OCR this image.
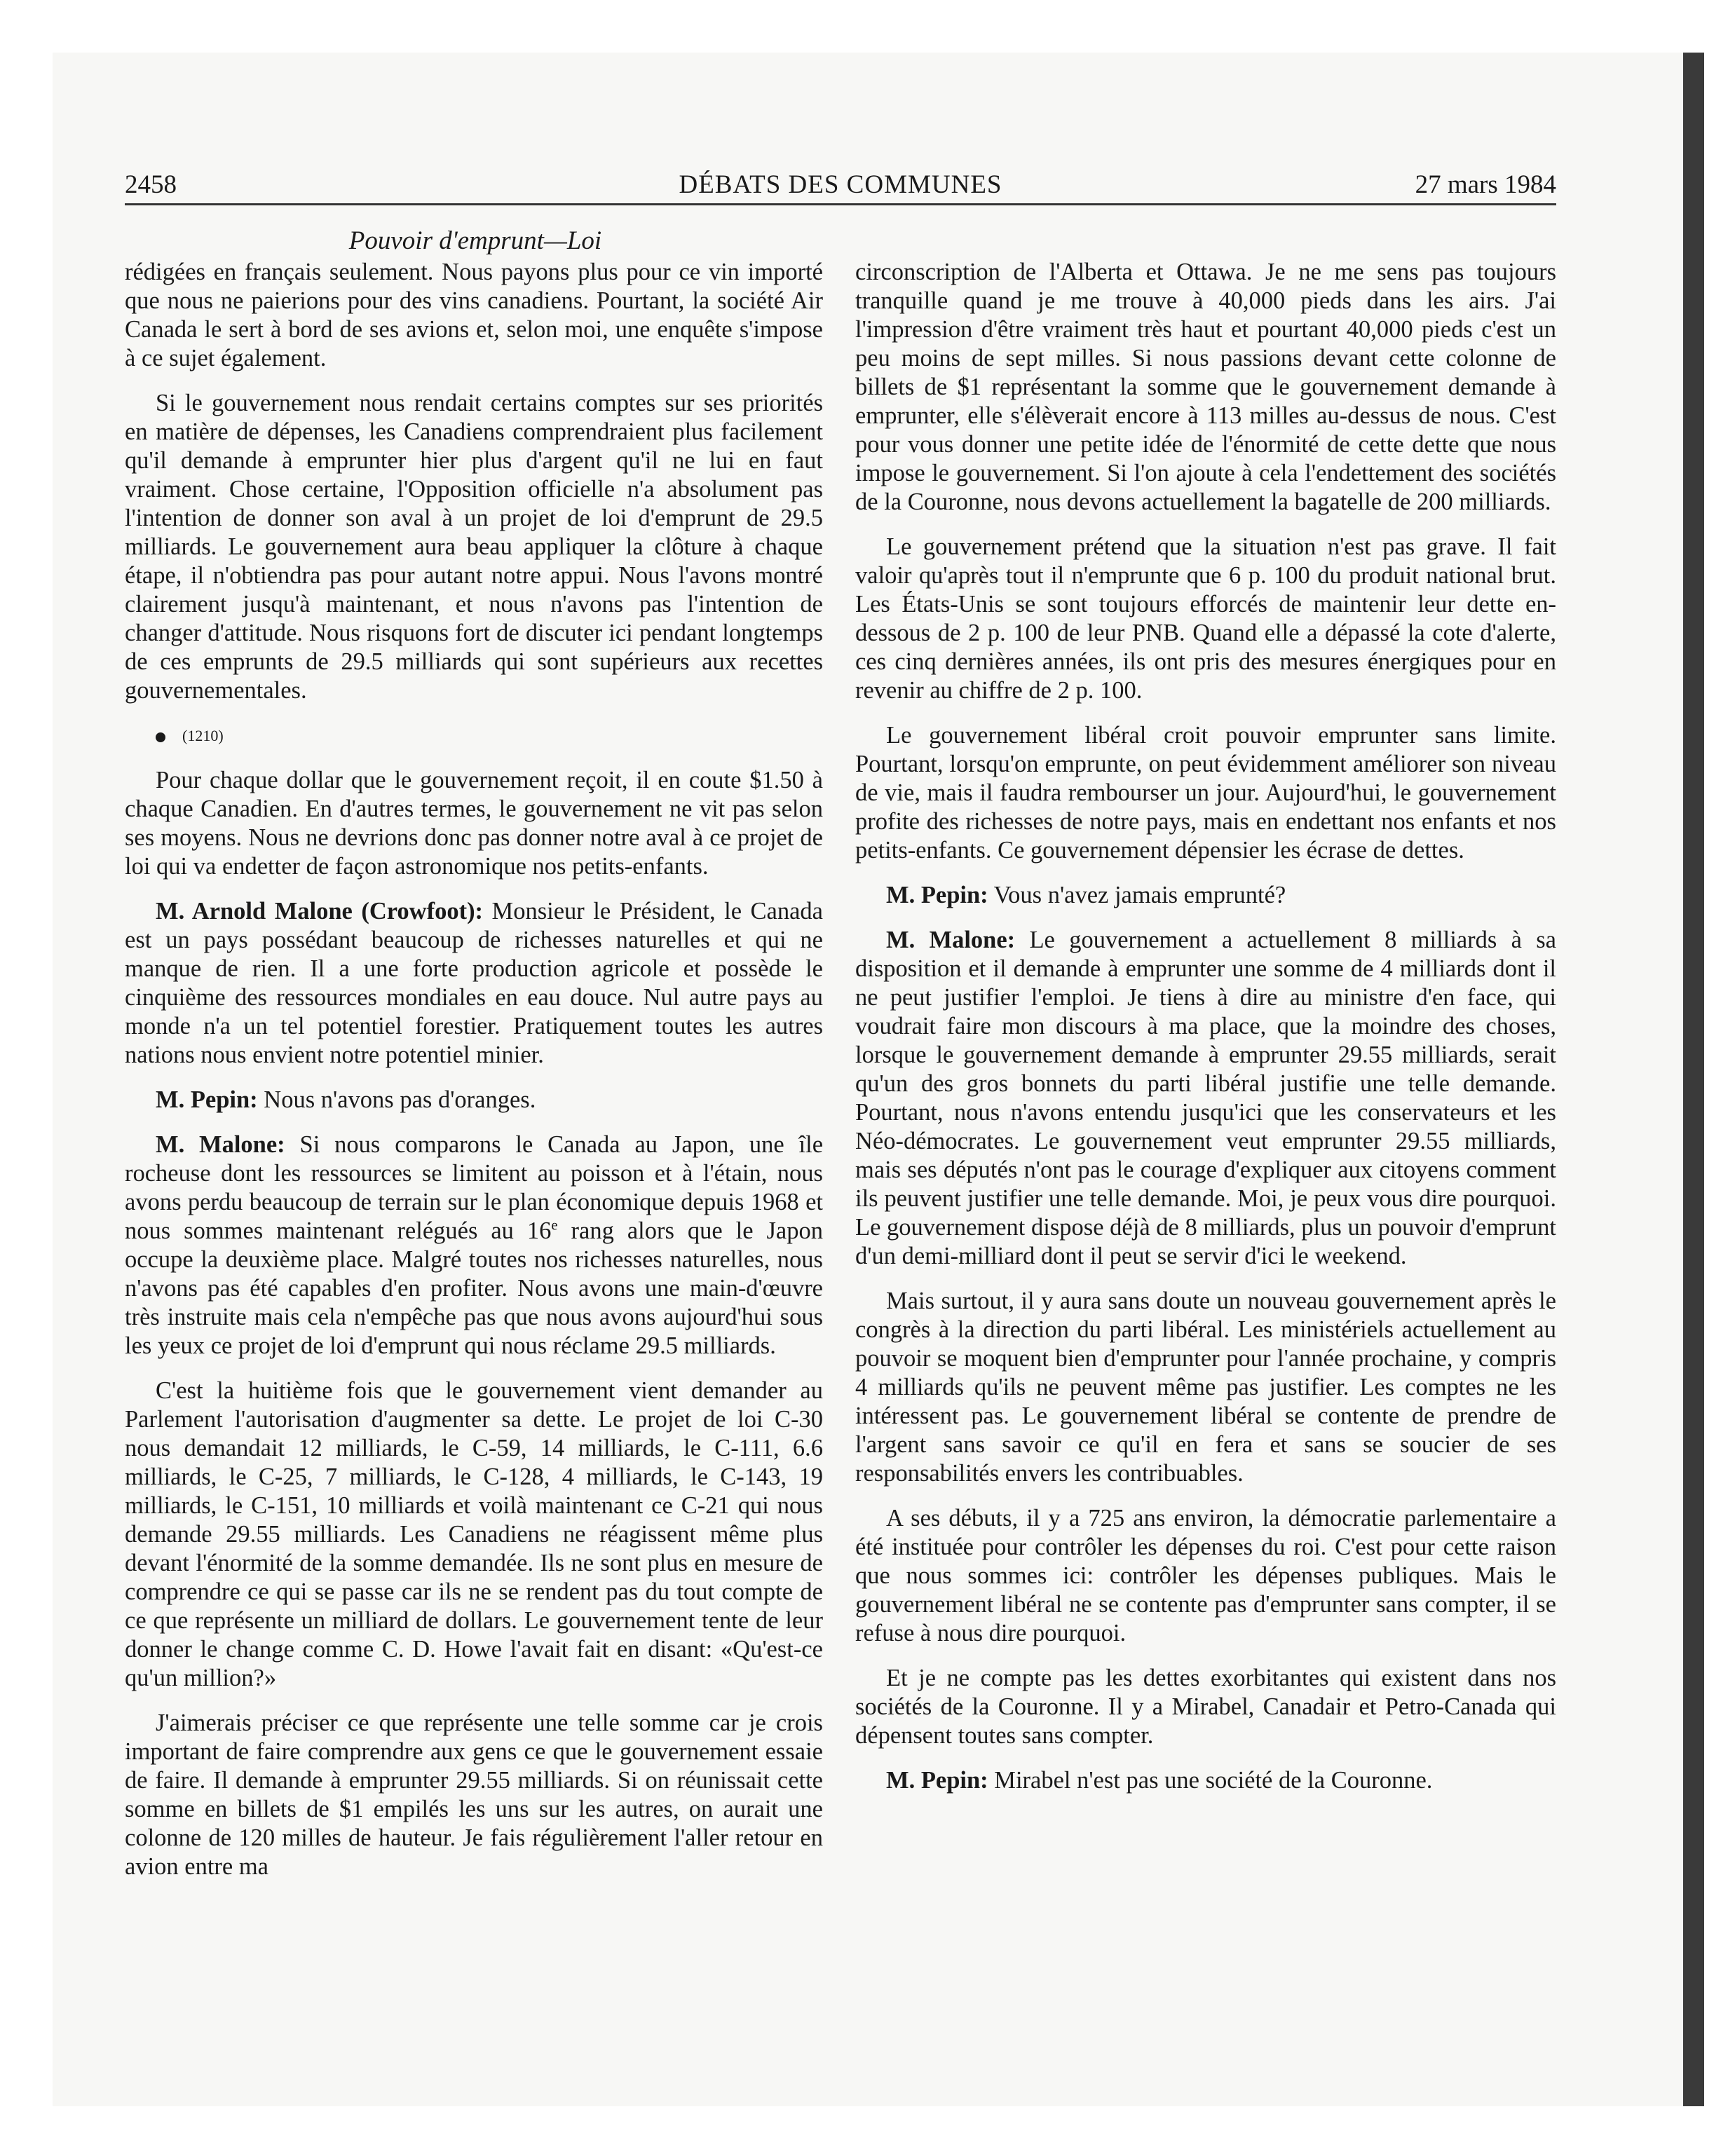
2458	DÉBATS DES COMMUNES	27 mars 1984
Pouvoir d'emprunt—Loi

rédigées en français seulement. Nous payons plus pour ce vin importé que nous ne paierions pour des vins canadiens. Pourtant, la société Air Canada le sert à bord de ses avions et, selon moi, une enquête s'impose à ce sujet également.

Si le gouvernement nous rendait certains comptes sur ses priorités en matière de dépenses, les Canadiens comprendraient plus facilement qu'il demande à emprunter hier plus d'argent qu'il ne lui en faut vraiment. Chose certaine, l'Opposition officielle n'a absolument pas l'intention de donner son aval à un projet de loi d'emprunt de 29.5 milliards. Le gouvernement aura beau appliquer la clôture à chaque étape, il n'obtiendra pas pour autant notre appui. Nous l'avons montré clairement jusqu'à maintenant, et nous n'avons pas l'intention de changer d'attitude. Nous risquons fort de discuter ici pendant longtemps de ces emprunts de 29.5 milliards qui sont supérieurs aux recettes gouvernementales.

(1210)

Pour chaque dollar que le gouvernement reçoit, il en coute $1.50 à chaque Canadien. En d'autres termes, le gouvernement ne vit pas selon ses moyens. Nous ne devrions donc pas donner notre aval à ce projet de loi qui va endetter de façon astronomique nos petits-enfants.

M. Arnold Malone (Crowfoot): Monsieur le Président, le Canada est un pays possédant beaucoup de richesses naturelles et qui ne manque de rien. Il a une forte production agricole et possède le cinquième des ressources mondiales en eau douce. Nul autre pays au monde n'a un tel potentiel forestier. Pratiquement toutes les autres nations nous envient notre potentiel minier.

M. Pepin: Nous n'avons pas d'oranges.

M. Malone: Si nous comparons le Canada au Japon, une île rocheuse dont les ressources se limitent au poisson et à l'étain, nous avons perdu beaucoup de terrain sur le plan économique depuis 1968 et nous sommes maintenant relégués au 16e rang alors que le Japon occupe la deuxième place. Malgré toutes nos richesses naturelles, nous n'avons pas été capables d'en profiter. Nous avons une main-d'œuvre très instruite mais cela n'empêche pas que nous avons aujourd'hui sous les yeux ce projet de loi d'emprunt qui nous réclame 29.5 milliards.

C'est la huitième fois que le gouvernement vient demander au Parlement l'autorisation d'augmenter sa dette. Le projet de loi C-30 nous demandait 12 milliards, le C-59, 14 milliards, le C-111, 6.6 milliards, le C-25, 7 milliards, le C-128, 4 milliards, le C-143, 19 milliards, le C-151, 10 milliards et voilà maintenant ce C-21 qui nous demande 29.55 milliards. Les Canadiens ne réagissent même plus devant l'énormité de la somme demandée. Ils ne sont plus en mesure de comprendre ce qui se passe car ils ne se rendent pas du tout compte de ce que représente un milliard de dollars. Le gouvernement tente de leur donner le change comme C. D. Howe l'avait fait en disant: «Qu'est-ce qu'un million?»

J'aimerais préciser ce que représente une telle somme car je crois important de faire comprendre aux gens ce que le gouvernement essaie de faire. Il demande à emprunter 29.55 milliards. Si on réunissait cette somme en billets de $1 empilés les uns sur les autres, on aurait une colonne de 120 milles de hauteur. Je fais régulièrement l'aller retour en avion entre ma

circonscription de l'Alberta et Ottawa. Je ne me sens pas toujours tranquille quand je me trouve à 40,000 pieds dans les airs. J'ai l'impression d'être vraiment très haut et pourtant 40,000 pieds c'est un peu moins de sept milles. Si nous passions devant cette colonne de billets de $1 représentant la somme que le gouvernement demande à emprunter, elle s'élèverait encore à 113 milles au-dessus de nous. C'est pour vous donner une petite idée de l'énormité de cette dette que nous impose le gouvernement. Si l'on ajoute à cela l'endettement des sociétés de la Couronne, nous devons actuellement la bagatelle de 200 milliards.

Le gouvernement prétend que la situation n'est pas grave. Il fait valoir qu'après tout il n'emprunte que 6 p. 100 du produit national brut. Les États-Unis se sont toujours efforcés de maintenir leur dette en-dessous de 2 p. 100 de leur PNB. Quand elle a dépassé la cote d'alerte, ces cinq dernières années, ils ont pris des mesures énergiques pour en revenir au chiffre de 2 p. 100.

Le gouvernement libéral croit pouvoir emprunter sans limite. Pourtant, lorsqu'on emprunte, on peut évidemment améliorer son niveau de vie, mais il faudra rembourser un jour. Aujourd'hui, le gouvernement profite des richesses de notre pays, mais en endettant nos enfants et nos petits-enfants. Ce gouvernement dépensier les écrase de dettes.

M. Pepin: Vous n'avez jamais emprunté?

M. Malone: Le gouvernement a actuellement 8 milliards à sa disposition et il demande à emprunter une somme de 4 milliards dont il ne peut justifier l'emploi. Je tiens à dire au ministre d'en face, qui voudrait faire mon discours à ma place, que la moindre des choses, lorsque le gouvernement demande à emprunter 29.55 milliards, serait qu'un des gros bonnets du parti libéral justifie une telle demande. Pourtant, nous n'avons entendu jusqu'ici que les conservateurs et les Néo-démocrates. Le gouvernement veut emprunter 29.55 milliards, mais ses députés n'ont pas le courage d'expliquer aux citoyens comment ils peuvent justifier une telle demande. Moi, je peux vous dire pourquoi. Le gouvernement dispose déjà de 8 milliards, plus un pouvoir d'emprunt d'un demi-milliard dont il peut se servir d'ici le weekend.

Mais surtout, il y aura sans doute un nouveau gouvernement après le congrès à la direction du parti libéral. Les ministériels actuellement au pouvoir se moquent bien d'emprunter pour l'année prochaine, y compris 4 milliards qu'ils ne peuvent même pas justifier. Les comptes ne les intéressent pas. Le gouvernement libéral se contente de prendre de l'argent sans savoir ce qu'il en fera et sans se soucier de ses responsabilités envers les contribuables.

A ses débuts, il y a 725 ans environ, la démocratie parlementaire a été instituée pour contrôler les dépenses du roi. C'est pour cette raison que nous sommes ici: contrôler les dépenses publiques. Mais le gouvernement libéral ne se contente pas d'emprunter sans compter, il se refuse à nous dire pourquoi.

Et je ne compte pas les dettes exorbitantes qui existent dans nos sociétés de la Couronne. Il y a Mirabel, Canadair et Petro-Canada qui dépensent toutes sans compter.

M. Pepin: Mirabel n'est pas une société de la Couronne.
